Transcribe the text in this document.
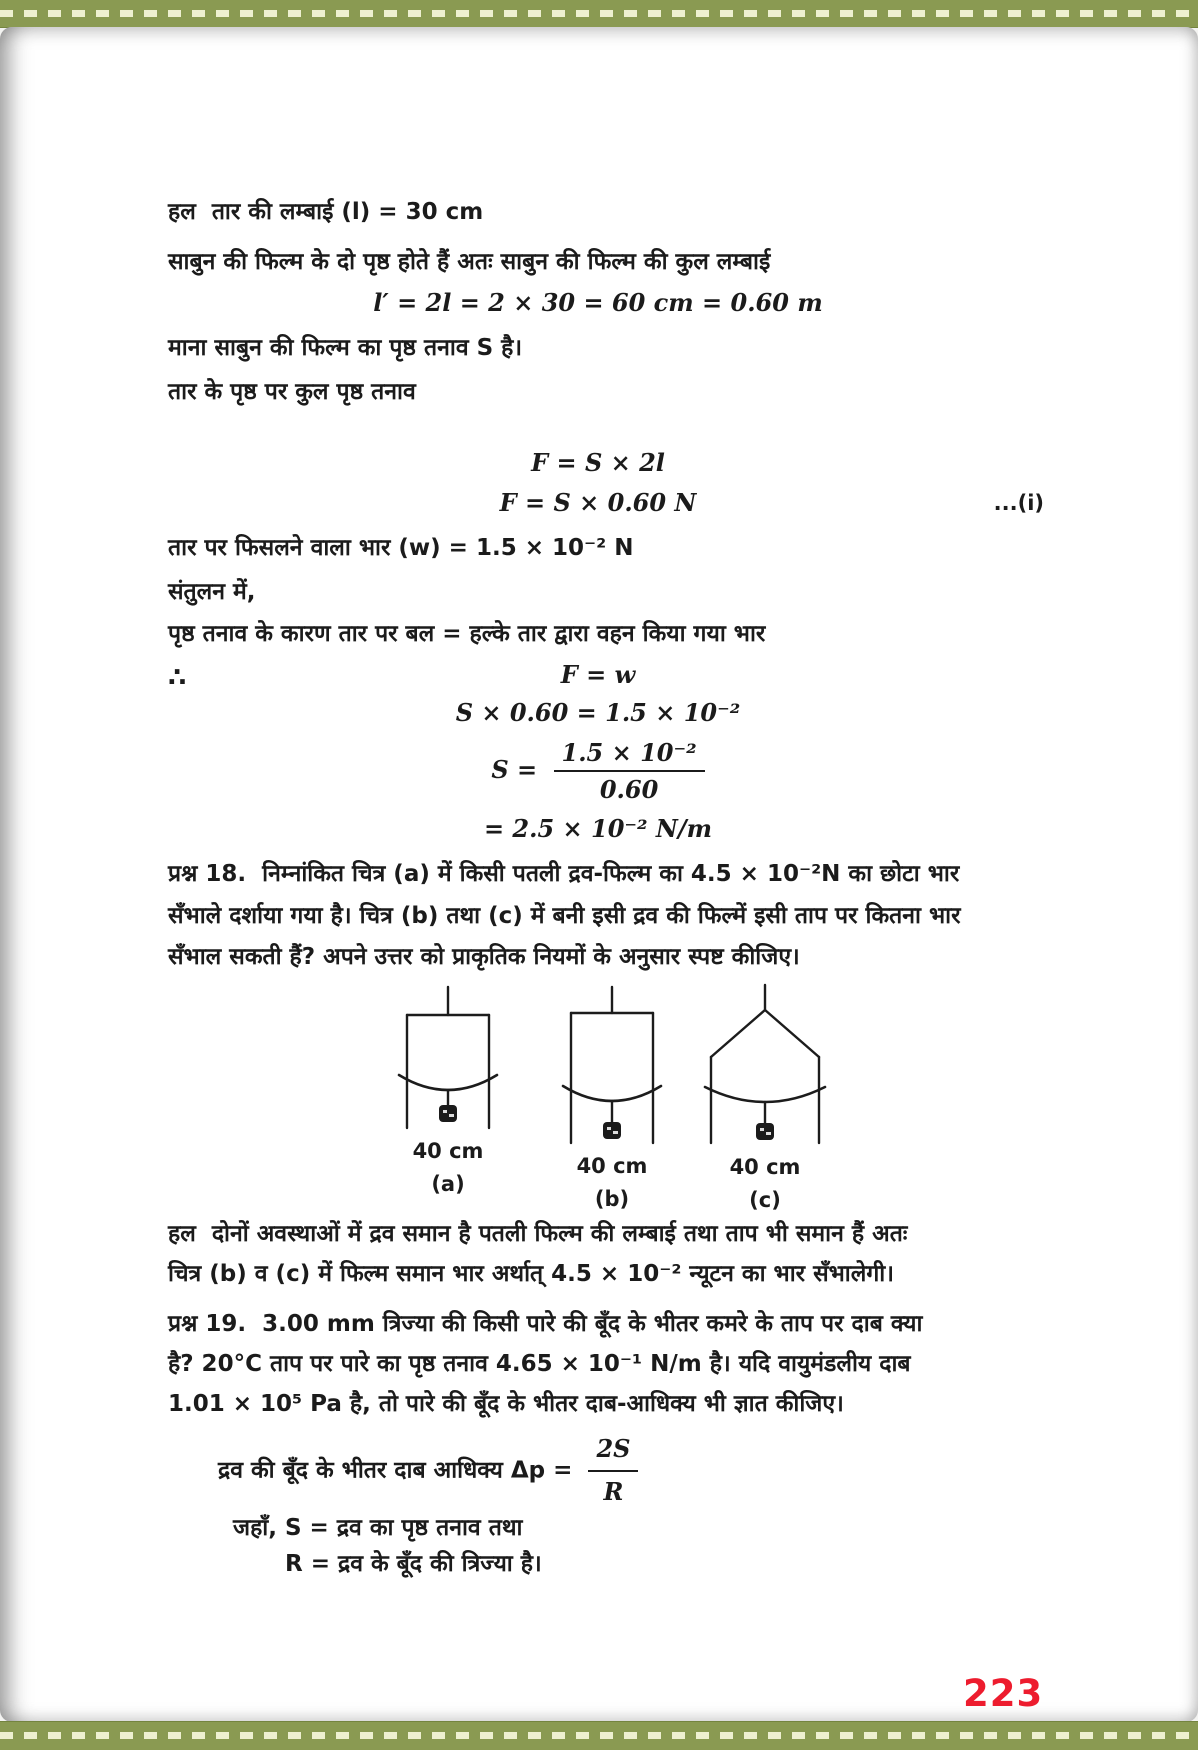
हल तार की लम्बाई (l) = 30 cm
साबुन की फिल्म के दो पृष्ठ होते हैं अतः साबुन की फिल्म की कुल लम्बाई
l′ = 2l = 2 × 30 = 60 cm = 0.60 m
माना साबुन की फिल्म का पृष्ठ तनाव S है।
तार के पृष्ठ पर कुल पृष्ठ तनाव
F = S × 2l
F = S × 0.60 N	...(i)
तार पर फिसलने वाला भार (w) = 1.5 × 10⁻² N
संतुलन में,
पृष्ठ तनाव के कारण तार पर बल = हल्के तार द्वारा वहन किया गया भार
∴	F = w
S × 0.60 = 1.5 × 10⁻²
$S = \frac{\text{1.5 × 10⁻²}}{0.60}$
= 2.5 × 10⁻² N/m
प्रश्न 18. निम्नांकित चित्र (a) में किसी पतली द्रव-फिल्म का 4.5 × 10⁻²N का छोटा भार
सँभाले दर्शाया गया है। चित्र (b) तथा (c) में बनी इसी द्रव की फिल्में इसी ताप पर कितना भार
सँभाल सकती हैं? अपने उत्तर को प्राकृतिक नियमों के अनुसार स्पष्ट कीजिए।
40 cm
(a)
40 cm
(b)
40 cm
(c)
हल दोनों अवस्थाओं में द्रव समान है पतली फिल्म की लम्बाई तथा ताप भी समान हैं अतः
चित्र (b) व (c) में फिल्म समान भार अर्थात् 4.5 × 10⁻² न्यूटन का भार सँभालेगी।
प्रश्न 19. 3.00 mm त्रिज्या की किसी पारे की बूँद के भीतर कमरे के ताप पर दाब क्या
है? 20°C ताप पर पारे का पृष्ठ तनाव 4.65 × 10⁻¹ N/m है। यदि वायुमंडलीय दाब
1.01 × 10⁵ Pa है, तो पारे की बूँद के भीतर दाब-आधिक्य भी ज्ञात कीजिए।
द्रव की बूँद के भीतर दाब आधिक्य $\Delta p = \frac{2S}{R}$
जहाँ, S = द्रव का पृष्ठ तनाव तथा
R = द्रव के बूँद की त्रिज्या है।
223
